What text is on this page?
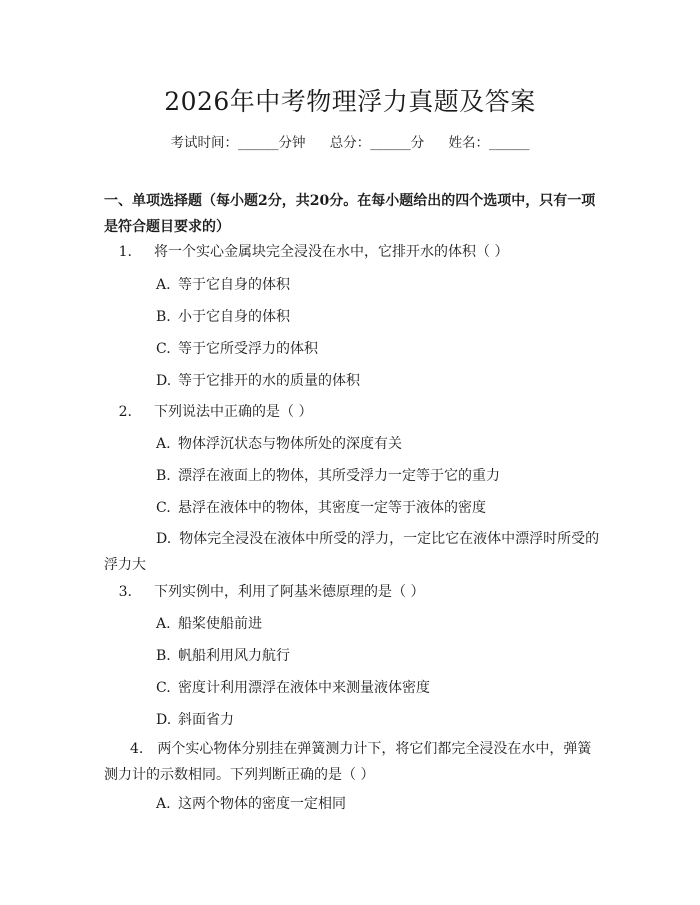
2026年中考物理浮力真题及答案
考试时间：______分钟 总分：______分 姓名：______
一、单项选择题（每小题2分，共20分。在每小题给出的四个选项中，只有一项是符合题目要求的）
1. 将一个实心金属块完全浸没在水中，它排开水的体积（ ）
A. 等于它自身的体积
B. 小于它自身的体积
C. 等于它所受浮力的体积
D. 等于它排开的水的质量的体积
2. 下列说法中正确的是（ ）
A. 物体浮沉状态与物体所处的深度有关
B. 漂浮在液面上的物体，其所受浮力一定等于它的重力
C. 悬浮在液体中的物体，其密度一定等于液体的密度
D. 物体完全浸没在液体中所受的浮力，一定比它在液体中漂浮时所受的浮力大
3. 下列实例中，利用了阿基米德原理的是（ ）
A. 船桨使船前进
B. 帆船利用风力航行
C. 密度计利用漂浮在液体中来测量液体密度
D. 斜面省力
4. 两个实心物体分别挂在弹簧测力计下，将它们都完全浸没在水中，弹簧测力计的示数相同。下列判断正确的是（ ）
A. 这两个物体的密度一定相同
